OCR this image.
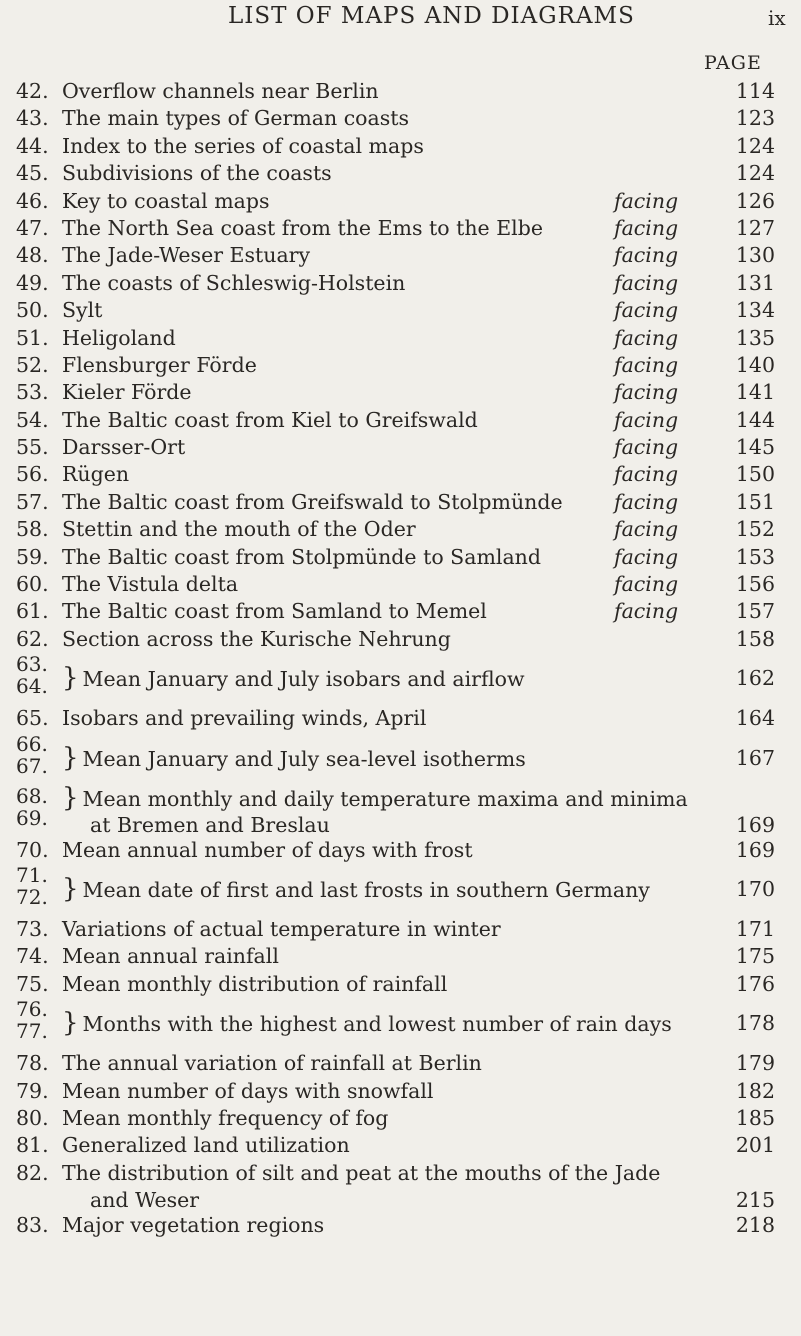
LIST OF MAPS AND DIAGRAMS	ix
PAGE
42. Overflow channels near Berlin	114
43. The main types of German coasts	123
44. Index to the series of coastal maps	124
45. Subdivisions of the coasts	124
46. Key to coastal maps	facing	126
47. The North Sea coast from the Ems to the Elbe	facing	127
48. The Jade-Weser Estuary	facing	130
49. The coasts of Schleswig-Holstein	facing	131
50. Sylt	facing	134
51. Heligoland	facing	135
52. Flensburger Förde	facing	140
53. Kieler Förde	facing	141
54. The Baltic coast from Kiel to Greifswald	facing	144
55. Darsser-Ort	facing	145
56. Rügen	facing	150
57. The Baltic coast from Greifswald to Stolpmünde	facing	151
58. Stettin and the mouth of the Oder	facing	152
59. The Baltic coast from Stolpmünde to Samland	facing	153
60. The Vistula delta	facing	156
61. The Baltic coast from Samland to Memel	facing	157
62. Section across the Kurische Nehrung	158
63.
64. } Mean January and July isobars and airflow	162
65. Isobars and prevailing winds, April	164
66.
67. } Mean January and July sea-level isotherms	167
68.
69.
} Mean monthly and daily temperature maxima and minima
at Bremen and Breslau	169
70. Mean annual number of days with frost	169
71.
72. } Mean date of first and last frosts in southern Germany	170
73. Variations of actual temperature in winter	171
74. Mean annual rainfall	175
75. Mean monthly distribution of rainfall	176
76.
77. } Months with the highest and lowest number of rain days	178
78. The annual variation of rainfall at Berlin	179
79. Mean number of days with snowfall	182
80. Mean monthly frequency of fog	185
81. Generalized land utilization	201
82. The distribution of silt and peat at the mouths of the Jade
and Weser	215
83. Major vegetation regions	218
